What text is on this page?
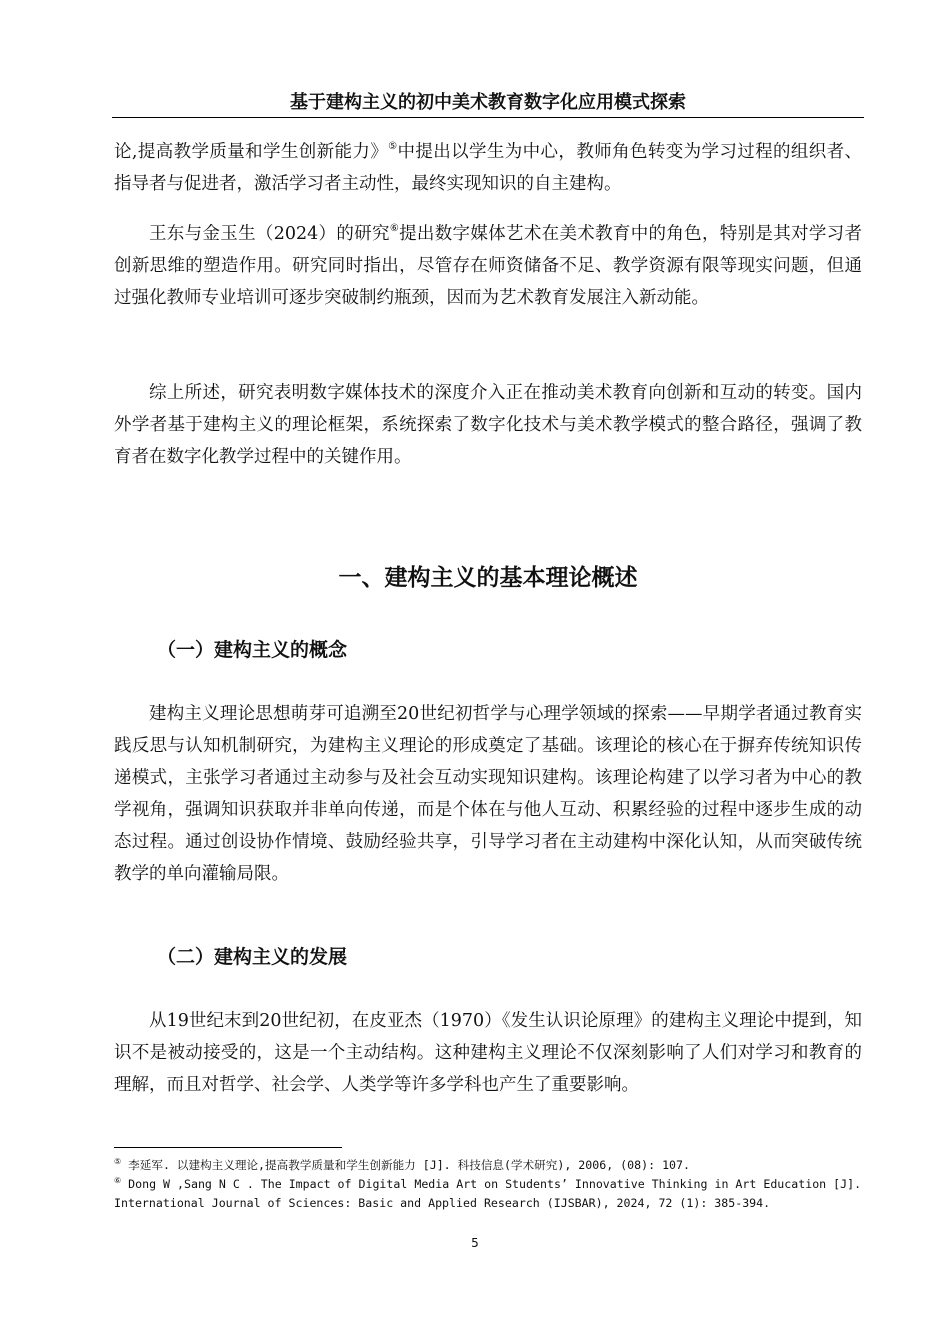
基于建构主义的初中美术教育数字化应用模式探索

论,提高教学质量和学生创新能力》⑤中提出以学生为中心，教师角色转变为学习过程的组织者、指导者与促进者，激活学习者主动性，最终实现知识的自主建构。

王东与金玉生（2024）的研究⑥提出数字媒体艺术在美术教育中的角色，特别是其对学习者创新思维的塑造作用。研究同时指出，尽管存在师资储备不足、教学资源有限等现实问题，但通过强化教师专业培训可逐步突破制约瓶颈，因而为艺术教育发展注入新动能。

综上所述，研究表明数字媒体技术的深度介入正在推动美术教育向创新和互动的转变。国内外学者基于建构主义的理论框架，系统探索了数字化技术与美术教学模式的整合路径，强调了教育者在数字化教学过程中的关键作用。

一、建构主义的基本理论概述
（一）建构主义的概念

建构主义理论思想萌芽可追溯至20世纪初哲学与心理学领域的探索——早期学者通过教育实践反思与认知机制研究，为建构主义理论的形成奠定了基础。该理论的核心在于摒弃传统知识传递模式，主张学习者通过主动参与及社会互动实现知识建构。该理论构建了以学习者为中心的教学视角，强调知识获取并非单向传递，而是个体在与他人互动、积累经验的过程中逐步生成的动态过程。通过创设协作情境、鼓励经验共享，引导学习者在主动建构中深化认知，从而突破传统教学的单向灌输局限。

（二）建构主义的发展

从19世纪末到20世纪初，在皮亚杰（1970）《发生认识论原理》的建构主义理论中提到，知识不是被动接受的，这是一个主动结构。这种建构主义理论不仅深刻影响了人们对学习和教育的理解，而且对哲学、社会学、人类学等许多学科也产生了重要影响。

⑤ 李延军. 以建构主义理论,提高教学质量和学生创新能力 [J]. 科技信息(学术研究), 2006, (08): 107.

⑥ Dong W ,Sang N C . The Impact of Digital Media Art on Students’ Innovative Thinking in Art Education [J]. International Journal of Sciences: Basic and Applied Research (IJSBAR), 2024, 72 (1): 385-394.

5
